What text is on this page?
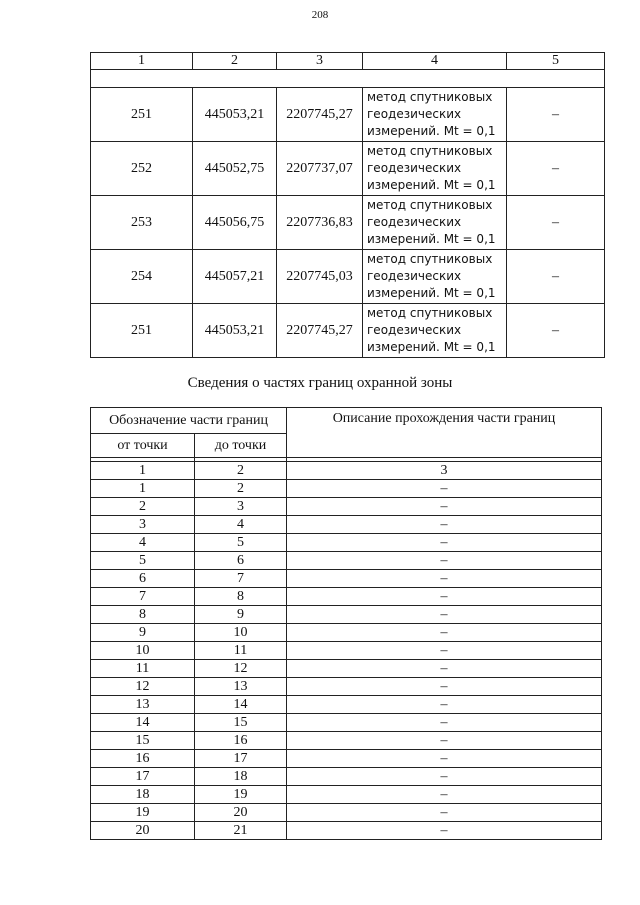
208
1	2	3	4	5

251	445053,21	2207745,27	метод спутниковых
геодезических
измерений. Mt = 0,1	–
252	445052,75	2207737,07	метод спутниковых
геодезических
измерений. Mt = 0,1	–
253	445056,75	2207736,83	метод спутниковых
геодезических
измерений. Mt = 0,1	–
254	445057,21	2207745,03	метод спутниковых
геодезических
измерений. Mt = 0,1	–
251	445053,21	2207745,27	метод спутниковых
геодезических
измерений. Mt = 0,1	–
Сведения о частях границ охранной зоны
Обозначение части границ		Описание прохождения части границ
от точки	до точки	

1	2	3
1	2	–
2	3	–
3	4	–
4	5	–
5	6	–
6	7	–
7	8	–
8	9	–
9	10	–
10	11	–
11	12	–
12	13	–
13	14	–
14	15	–
15	16	–
16	17	–
17	18	–
18	19	–
19	20	–
20	21	–
